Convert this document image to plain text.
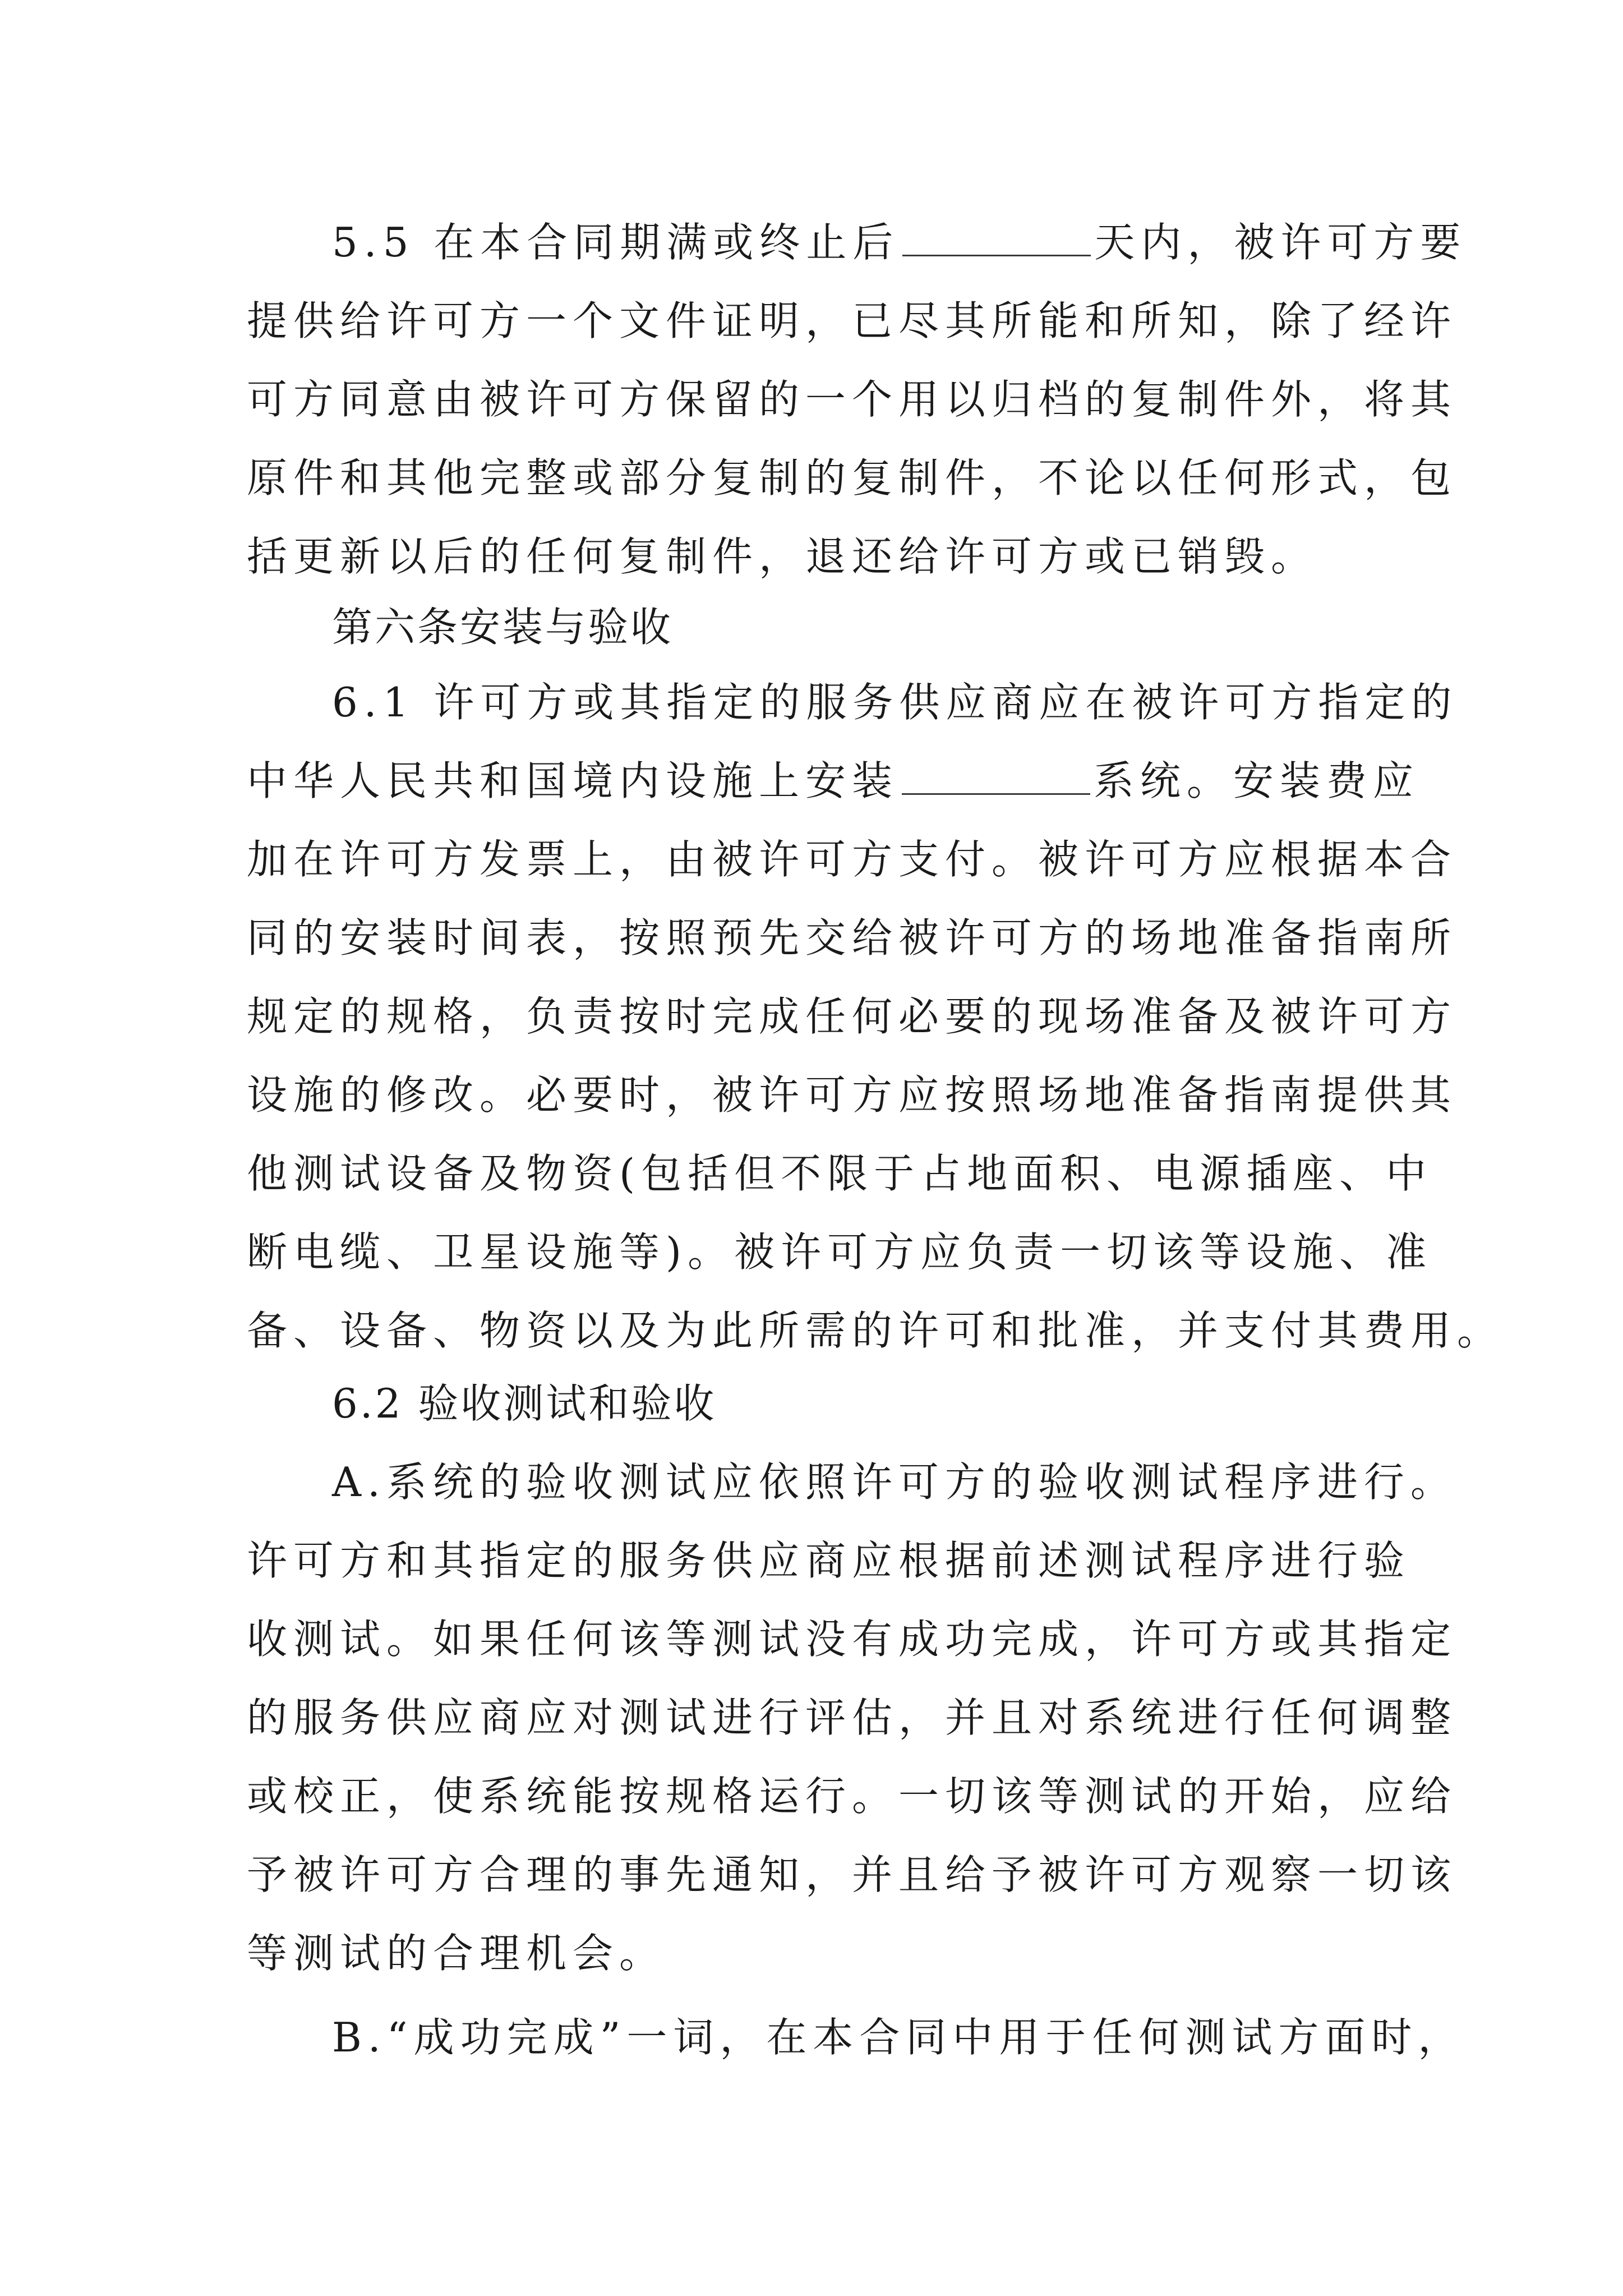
5.5 在本合同期满或终止后	天内，被许可方要
提供给许可方一个文件证明，已尽其所能和所知，除了经许
可方同意由被许可方保留的一个用以归档的复制件外，将其
原件和其他完整或部分复制的复制件，不论以任何形式，包
括更新以后的任何复制件，退还给许可方或已销毁。
第六条安装与验收
6.1 许可方或其指定的服务供应商应在被许可方指定的
中华人民共和国境内设施上安装	系统。安装费应
加在许可方发票上，由被许可方支付。被许可方应根据本合
同的安装时间表，按照预先交给被许可方的场地准备指南所
规定的规格，负责按时完成任何必要的现场准备及被许可方
设施的修改。必要时，被许可方应按照场地准备指南提供其
他测试设备及物资(包括但不限于占地面积、电源插座、中
断电缆、卫星设施等)。被许可方应负责一切该等设施、准
备、设备、物资以及为此所需的许可和批准，并支付其费用。
6.2 验收测试和验收
A.系统的验收测试应依照许可方的验收测试程序进行。
许可方和其指定的服务供应商应根据前述测试程序进行验
收测试。如果任何该等测试没有成功完成，许可方或其指定
的服务供应商应对测试进行评估，并且对系统进行任何调整
或校正，使系统能按规格运行。一切该等测试的开始，应给
予被许可方合理的事先通知，并且给予被许可方观察一切该
等测试的合理机会。
B.“成功完成”一词，在本合同中用于任何测试方面时，
